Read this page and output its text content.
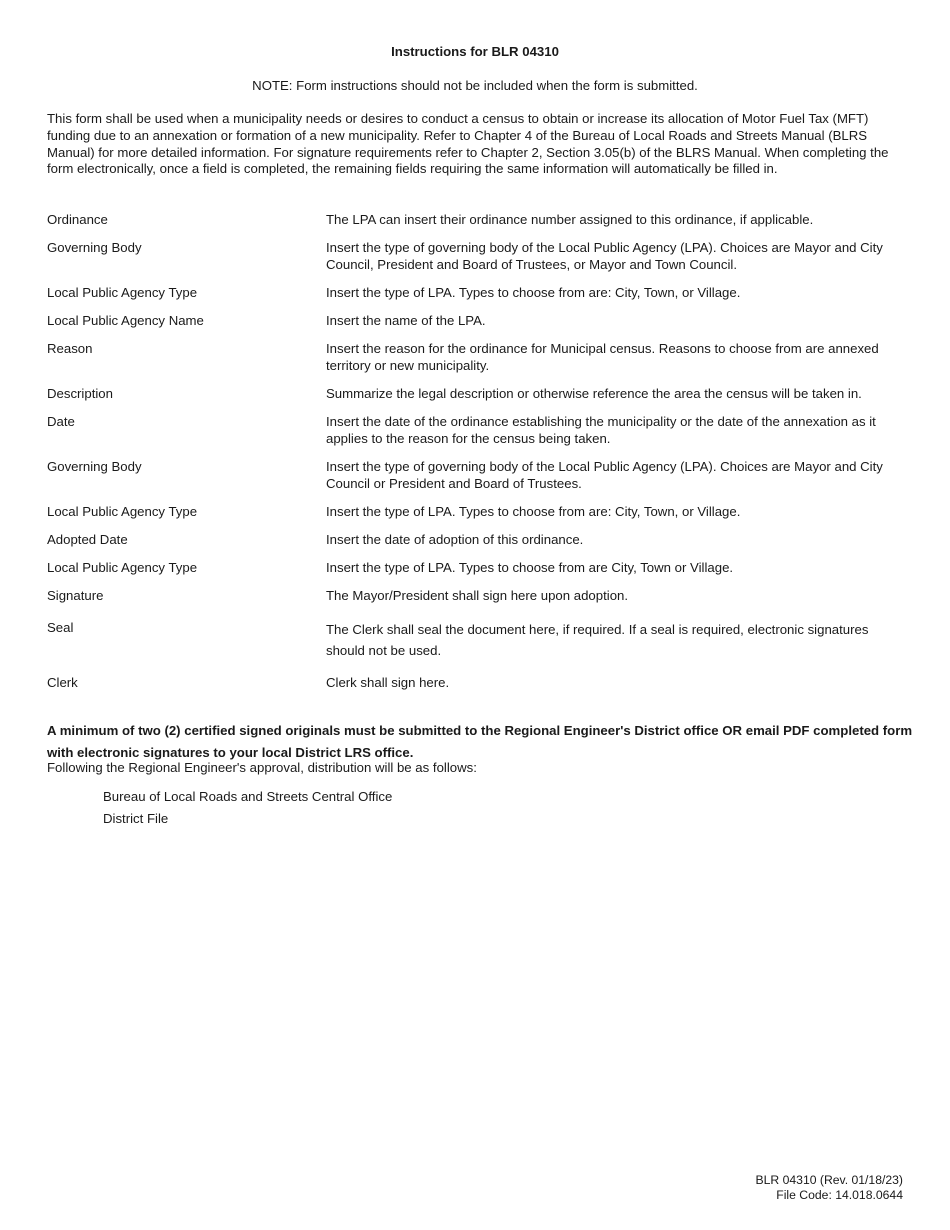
Instructions for BLR 04310
NOTE: Form instructions should not be included when the form is submitted.
This form shall be used when a municipality needs or desires to conduct a census to obtain or increase its allocation of Motor Fuel Tax (MFT) funding due to an annexation or formation of a new municipality. Refer to Chapter 4 of the Bureau of Local Roads and Streets Manual (BLRS Manual) for more detailed information. For signature requirements refer to Chapter 2, Section 3.05(b) of the BLRS Manual. When completing the form electronically, once a field is completed, the remaining fields requiring the same information will automatically be filled in.
Ordinance	The LPA can insert their ordinance number assigned to this ordinance, if applicable.
Governing Body	Insert the type of governing body of the Local Public Agency (LPA). Choices are Mayor and City Council, President and Board of Trustees, or Mayor and Town Council.
Local Public Agency Type	Insert the type of LPA. Types to choose from are: City, Town, or Village.
Local Public Agency Name	Insert the name of the LPA.
Reason	Insert the reason for the ordinance for Municipal census. Reasons to choose from are annexed territory or new municipality.
Description	Summarize the legal description or otherwise reference the area the census will be taken in.
Date	Insert the date of the ordinance establishing the municipality or the date of the annexation as it applies to the reason for the census being taken.
Governing Body	Insert the type of governing body of the Local Public Agency (LPA). Choices are Mayor and City Council or President and Board of Trustees.
Local Public Agency Type	Insert the type of LPA. Types to choose from are: City, Town, or Village.
Adopted Date	Insert the date of adoption of this ordinance.
Local Public Agency Type	Insert the type of LPA. Types to choose from are City, Town or Village.
Signature	The Mayor/President shall sign here upon adoption.
Seal	The Clerk shall seal the document here, if required. If a seal is required, electronic signatures should not be used.
Clerk	Clerk shall sign here.
A minimum of two (2) certified signed originals must be submitted to the Regional Engineer's District office OR email PDF completed form with electronic signatures to your local District LRS office.
Following the Regional Engineer's approval, distribution will be as follows:
Bureau of Local Roads and Streets Central Office
District File
BLR 04310 (Rev. 01/18/23)
File Code: 14.018.0644
